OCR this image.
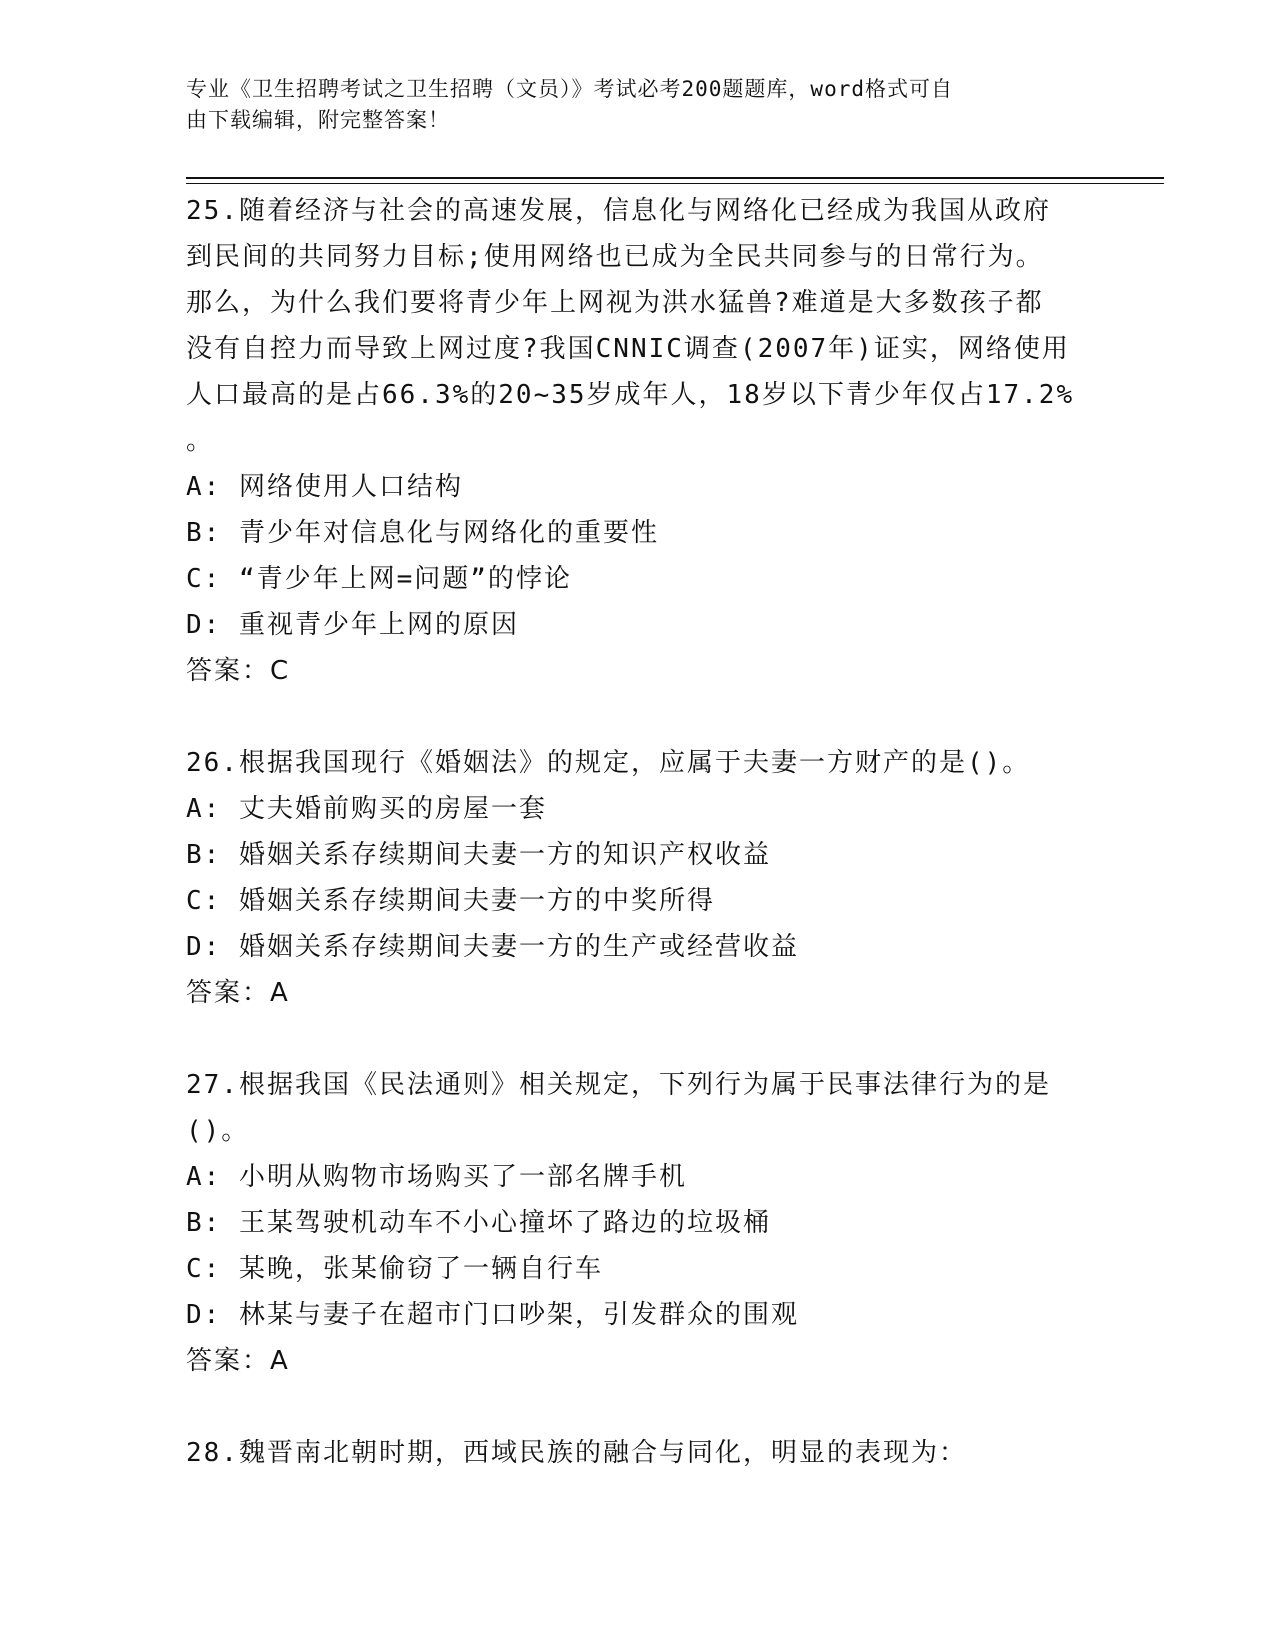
专业《卫生招聘考试之卫生招聘（文员）》考试必考200题题库，word格式可自
由下载编辑，附完整答案！
25.随着经济与社会的高速发展，信息化与网络化已经成为我国从政府
到民间的共同努力目标;使用网络也已成为全民共同参与的日常行为。
那么，为什么我们要将青少年上网视为洪水猛兽?难道是大多数孩子都
没有自控力而导致上网过度?我国CNNIC调查(2007年)证实，网络使用
人口最高的是占66.3%的20~35岁成年人，18岁以下青少年仅占17.2%
。
A: 网络使用人口结构
B: 青少年对信息化与网络化的重要性
C: “青少年上网=问题”的悖论
D: 重视青少年上网的原因
答案：C
26.根据我国现行《婚姻法》的规定，应属于夫妻一方财产的是()。
A: 丈夫婚前购买的房屋一套
B: 婚姻关系存续期间夫妻一方的知识产权收益
C: 婚姻关系存续期间夫妻一方的中奖所得
D: 婚姻关系存续期间夫妻一方的生产或经营收益
答案：A
27.根据我国《民法通则》相关规定，下列行为属于民事法律行为的是
()。
A: 小明从购物市场购买了一部名牌手机
B: 王某驾驶机动车不小心撞坏了路边的垃圾桶
C: 某晚，张某偷窃了一辆自行车
D: 林某与妻子在超市门口吵架，引发群众的围观
答案：A
28.魏晋南北朝时期，西域民族的融合与同化，明显的表现为：
